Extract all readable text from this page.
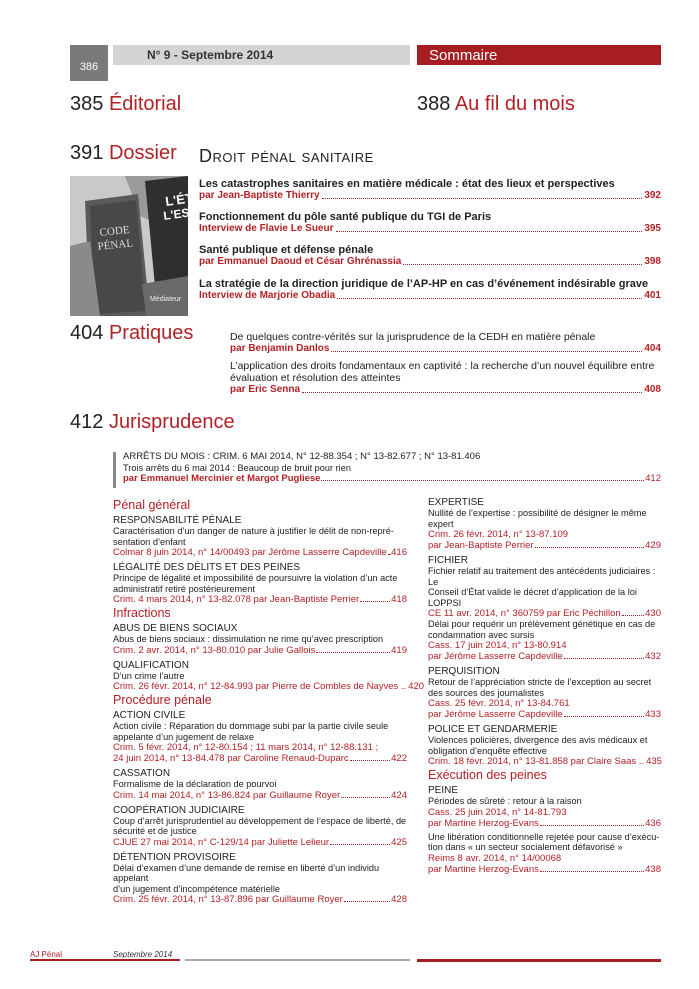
386
N° 9 - Septembre 2014	Sommaire
385 Éditorial	388 Au fil du mois
391 Dossier Droit pénal sanitaire
L'ÉTA
L'ESTO
CODE
PÉNAL
Médiateur
Les catastrophes sanitaires en matière médicale : état des lieux et perspectives
par Jean-Baptiste Thierry	392
Fonctionnement du pôle santé publique du TGI de Paris
Interview de Flavie Le Sueur	395
Santé publique et défense pénale
par Emmanuel Daoud et César Ghrénassia	398
La stratégie de la direction juridique de l’AP-HP en cas d’événement indésirable grave
Interview de Marjorie Obadia	401
404 Pratiques	De quelques contre-vérités sur la jurisprudence de la CEDH en matière pénale
par Benjamin Danlos	404
L’application des droits fondamentaux en captivité : la recherche d’un nouvel équilibre entre
évaluation et résolution des atteintes
par Eric Senna	408
412 Jurisprudence
ARRÊTS DU MOIS : CRIM. 6 MAI 2014, N° 12-88.354 ; N° 13-82.677 ; N° 13-81.406
Trois arrêts du 6 mai 2014 : Beaucoup de bruit pour rien
par Emmanuel Mercinier et Margot Pugliese	412
Pénal général
RESPONSABILITÉ PÉNALE
Caractérisation d’un danger de nature à justifier le délit de non-repré-
sentation d’enfant
Colmar 8 juin 2014, n° 14/00493 par Jérôme Lasserre Capdeville 416
LÉGALITÉ DES DÉLITS ET DES PEINES
Principe de légalité et impossibilité de poursuivre la violation d’un acte
administratif retiré postérieurement
Crim. 4 mars 2014, n° 13-82.078 par Jean-Baptiste Perrier	418
Infractions
ABUS DE BIENS SOCIAUX
Abus de biens sociaux : dissimulation ne rime qu’avec prescription
Crim. 2 avr. 2014, n° 13-80.010 par Julie Gallois	419
QUALIFICATION
D’un crime l’autre
Crim. 26 févr. 2014, n° 12-84.993 par Pierre de Combles de Nayves .. 420
Procédure pénale
ACTION CIVILE
Action civile : Réparation du dommage subi par la partie civile seule
appelante d’un jugement de relaxe
Crim. 5 févr. 2014, n° 12-80.154 ; 11 mars 2014, n° 12-88.131 ;
24 juin 2014, n° 13-84.478 par Caroline Renaud-Duparc	422
CASSATION
Formalisme de la déclaration de pourvoi
Crim. 14 mai 2014, n° 13-86.824 par Guillaume Royer	424
COOPÉRATION JUDICIAIRE
Coup d’arrêt jurisprudentiel au développement de l’espace de liberté, de
sécurité et de justice
CJUE 27 mai 2014, n° C-129/14 par Juliette Lelieur	425
DÉTENTION PROVISOIRE
Délai d’examen d’une demande de remise en liberté d’un individu appelant
d’un jugement d’incompétence matérielle
Crim. 25 févr. 2014, n° 13-87.896 par Guillaume Royer	428
EXPERTISE
Nullité de l’expertise : possibilité de désigner le même expert
Crim. 26 févr. 2014, n° 13-87.109
par Jean-Baptiste Perrier	429
FICHIER
Fichier relatif au traitement des antécédents judiciaires : Le
Conseil d’État valide le décret d’application de la loi LOPPSI
CE 11 avr. 2014, n° 360759 par Eric Péchillon	430
Délai pour requérir un prélèvement génétique en cas de
condamnation avec sursis
Cass. 17 juin 2014, n° 13-80.914
par Jérôme Lasserre Capdeville	432
PERQUISITION
Retour de l’appréciation stricte de l’exception au secret
des sources des journalistes
Cass. 25 févr. 2014, n° 13-84.761
par Jérôme Lasserre Capdeville	433
POLICE ET GENDARMERIE
Violences policières, divergence des avis médicaux et
obligation d’enquête effective
Crim. 18 févr. 2014, n° 13-81.858 par Claire Saas .. 435
Exécution des peines
PEINE
Périodes de sûreté : retour à la raison
Cass. 25 juin 2014, n° 14-81.793
par Martine Herzog-Evans	436
Une libération conditionnelle rejetée pour cause d’exécu-
tion dans « un secteur socialement défavorisé »
Reims 8 avr. 2014, n° 14/00068
par Martine Herzog-Evans	438
AJ Pénal	Septembre 2014
